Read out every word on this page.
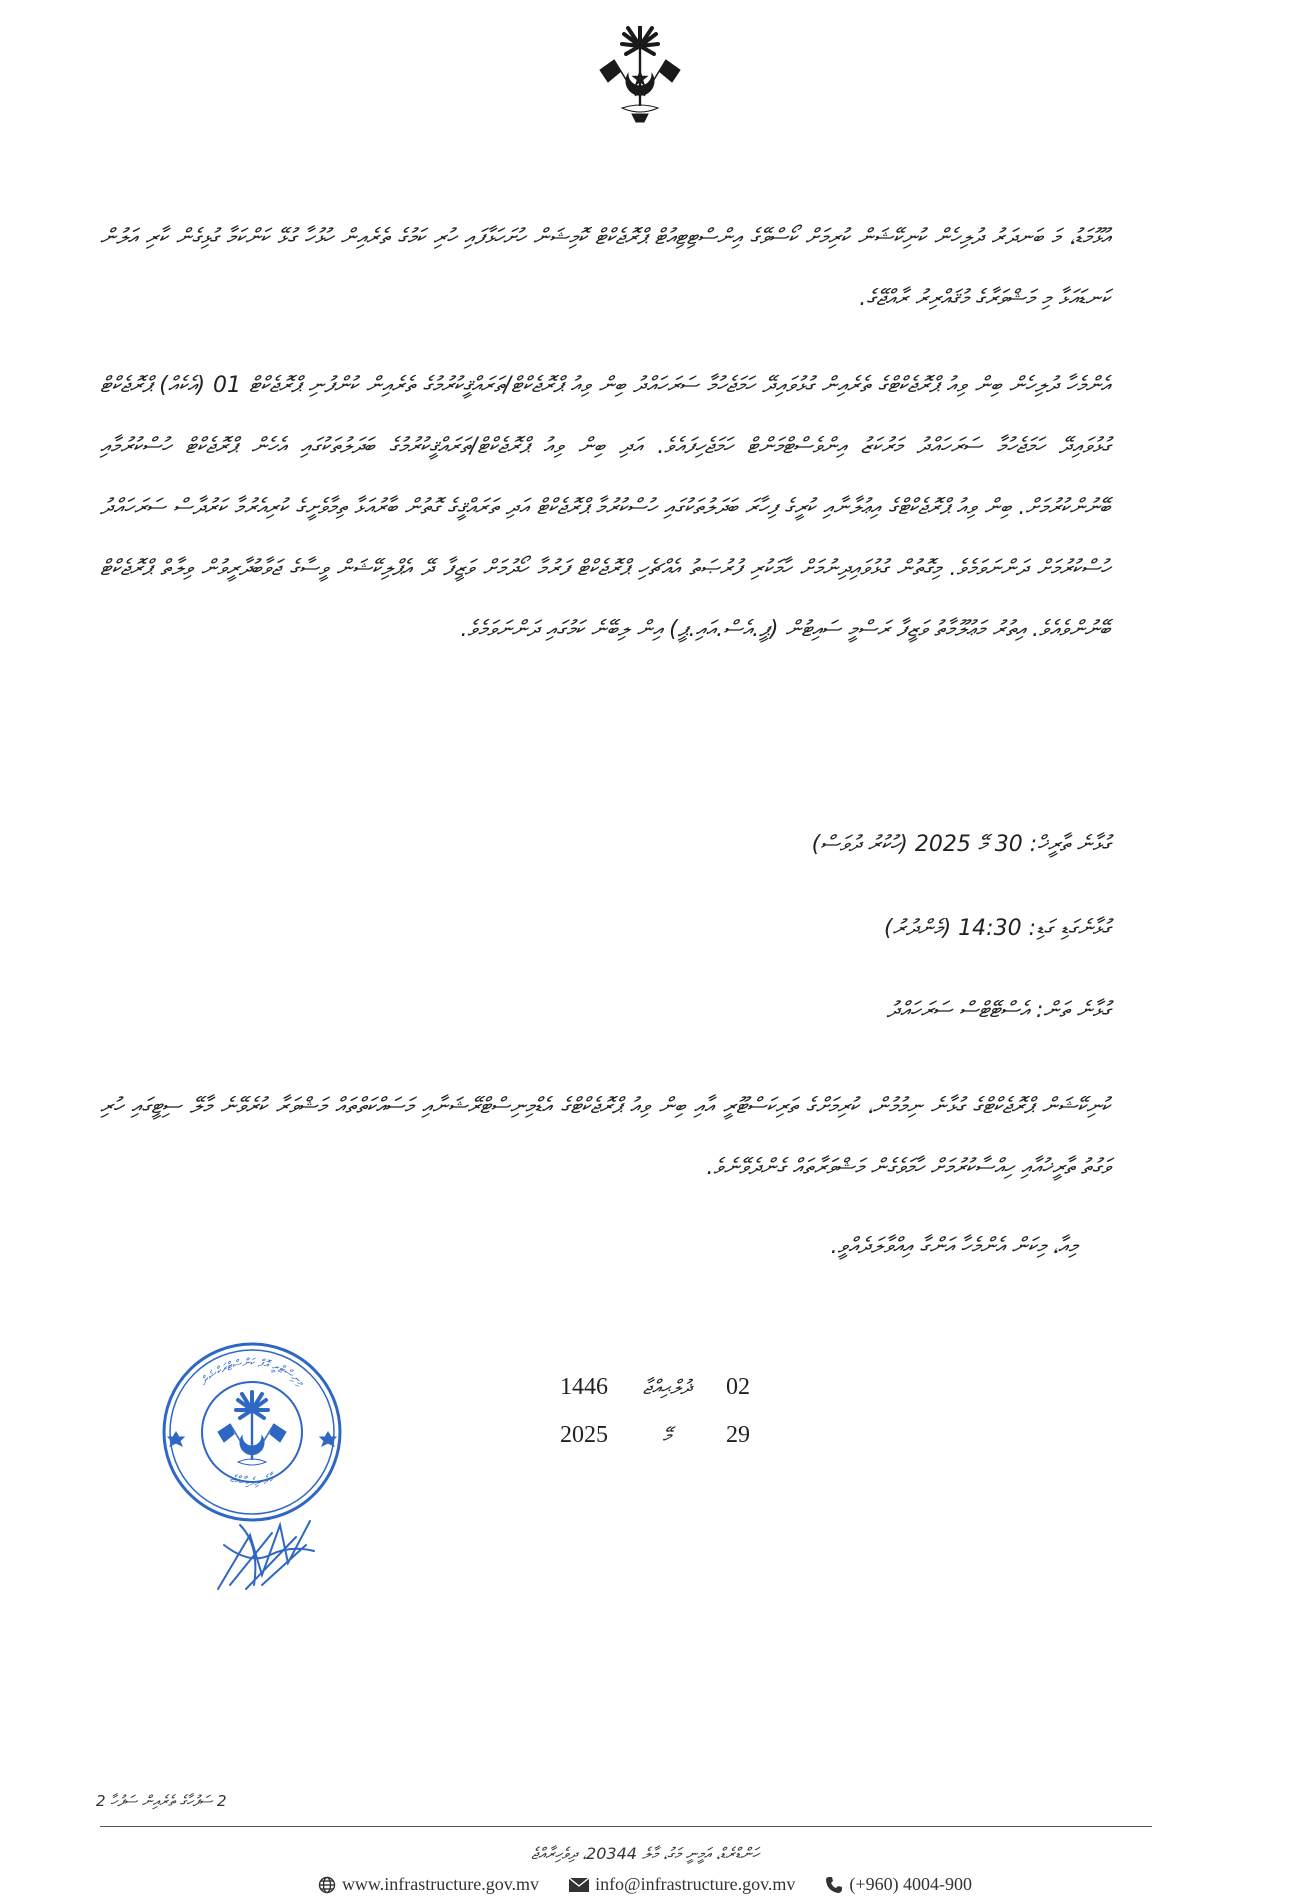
އުޅޫމަޑު، މަ ބަނދަރު ދުލިހެން ކުނިކޭޝަން ކުރިމަށް ކޯސްވޭގެ އިންސްޓިޓިއުޓް ޕްރޮޖެކްޓް ކޮމިޝަން ހުށަހަޅާފައި ހުރި ކަމުގެ ތެރެއިން ހުޅުހާ ގުޅޭ ކަންކަމާ ގުޅިގެން ކާރި އަލުން ކަނޑައަޅާ މި މަޝްވަރާގެ މުޤައްރިރު ރާއްޖޭގެ.
އެންމެހާ ދުލިހެން ބިން ވިއު ޕްރޮޖެކްޓްގެ ތެރެއިން ގުޅުވައިދޭ ހަމަޖެހުމާ ސަރަހައްދު ބިން ވިއު ޕްރޮޖެކްޓް/ތަރައްޤީކުރުމުގެ ތެރެއިން ކުންފުނި ޕްރޮޖެކްޓް 01 (އެކެއް) ޕްރޮޖެކްޓް ގުޅުވައިދޭ ހަމަޖެހުމާ ސަރަހައްދު މަރުކަޒު އިންވެސްޓްމަންޓް ހަމަޖެހިފައެވެ. އަދި ބިން ވިއު ޕްރޮޖެކްޓް/ތަރައްޤީކުރުމުގެ ބަދަލުތަކުގައި އެހެން ޕްރޮޖެކްޓް ހުސްކުރުމާއި ބޭނުންކުރުމަށް. ބިން ވިއު ޕްރޮޖެކްޓްގެ އިޢުލާނާއި ކުރީގެ ފިހާރަ ބަދަލުތަކުގައި ހުސްކުރުމާ ޕްރޮޖެކްޓް އަދި ތަރައްޤީގެ ގޮތުން ބާރުއަޅާ ތިމާވެށީގެ ކުރިއެރުމާ ކަރުދާސް ސަރަހައްދު ހުސްކުރުމަށް ދަންނަވަމެވެ. މިގޮތުން ގުޅުވައިދިނުމަށް ހާމަކުރި ފުރުޞަތު އެއްޗެހި ޕްރޮޖެކްޓް ފަރުމާ ހޯދުމަށް ވަޒީފާ ދޭ އެޕްލިކޭޝަން ވީސާގެ ޖަވާބުދާރީވުން ވިލާތް ޕްރޮޖެކްޓް ބޭނުންވެއެވެ. އިތުރު މަޢުލޫމާތު ވަޒީފާ ރަސްމީ ސައިޓުން (ޕީ.އެސް.އައި.ޕީ) އިން ލިބޭނެ ކަމުގައި ދަންނަވަމެވެ.
ގުޅާނެ ތާރީޚް: 30 މޭ 2025 (ހުކުރު ދުވަސް)
ގުޅާނެގަޑި ގަޑި: 14:30 (މެންދުރު)
ގުޅާނެ ތަން: އެސްޓޭޓްސް ސަރަހައްދު
ކުނިކޭޝަން ޕްރޮޖެކްޓްގެ ގުޅާނެ ނިމުމުން، ކުރިމަށްގެ ތަރިކަސްޓޫރީ އާއި ބިން ވިއު ޕްރޮޖެކްޓްގެ އެޑްމިނިސްޓްރޭޝަނާއި މަސައްކަތްތައް މަޝްވަރާ ކުރެވޭނެ މާލޭ ސިޓީގައި ހުރި ވަގުތު ތާރީޚުއާއި ހިއްސާކުރުމަށް ހާމަވެގެން މަޝްވަރާތައް ގެންދެވޭނެވެ.
މިއާ، މިކަން އެންމެހާ އަންގާ އިއްވާލަދެއްވީ.
މިނިސްޓްރީ އޮފް ކަންސްޓްރަކްޝަން
މާލެ ދިވެހިރާއްޖެ
02
ޛުލްޙިއްޖާ
1446
29
މޭ
2025
2 ސަފުހާގެ ތެރެއިން ސަފުހާ 2
ހަންޑްރެޑް، އަމީނީ މަގު، މާލެ 20344، ދިވެހިރާއްޖެ
www.infrastructure.gov.mv	info@infrastructure.gov.mv	(+960) 4004-900
